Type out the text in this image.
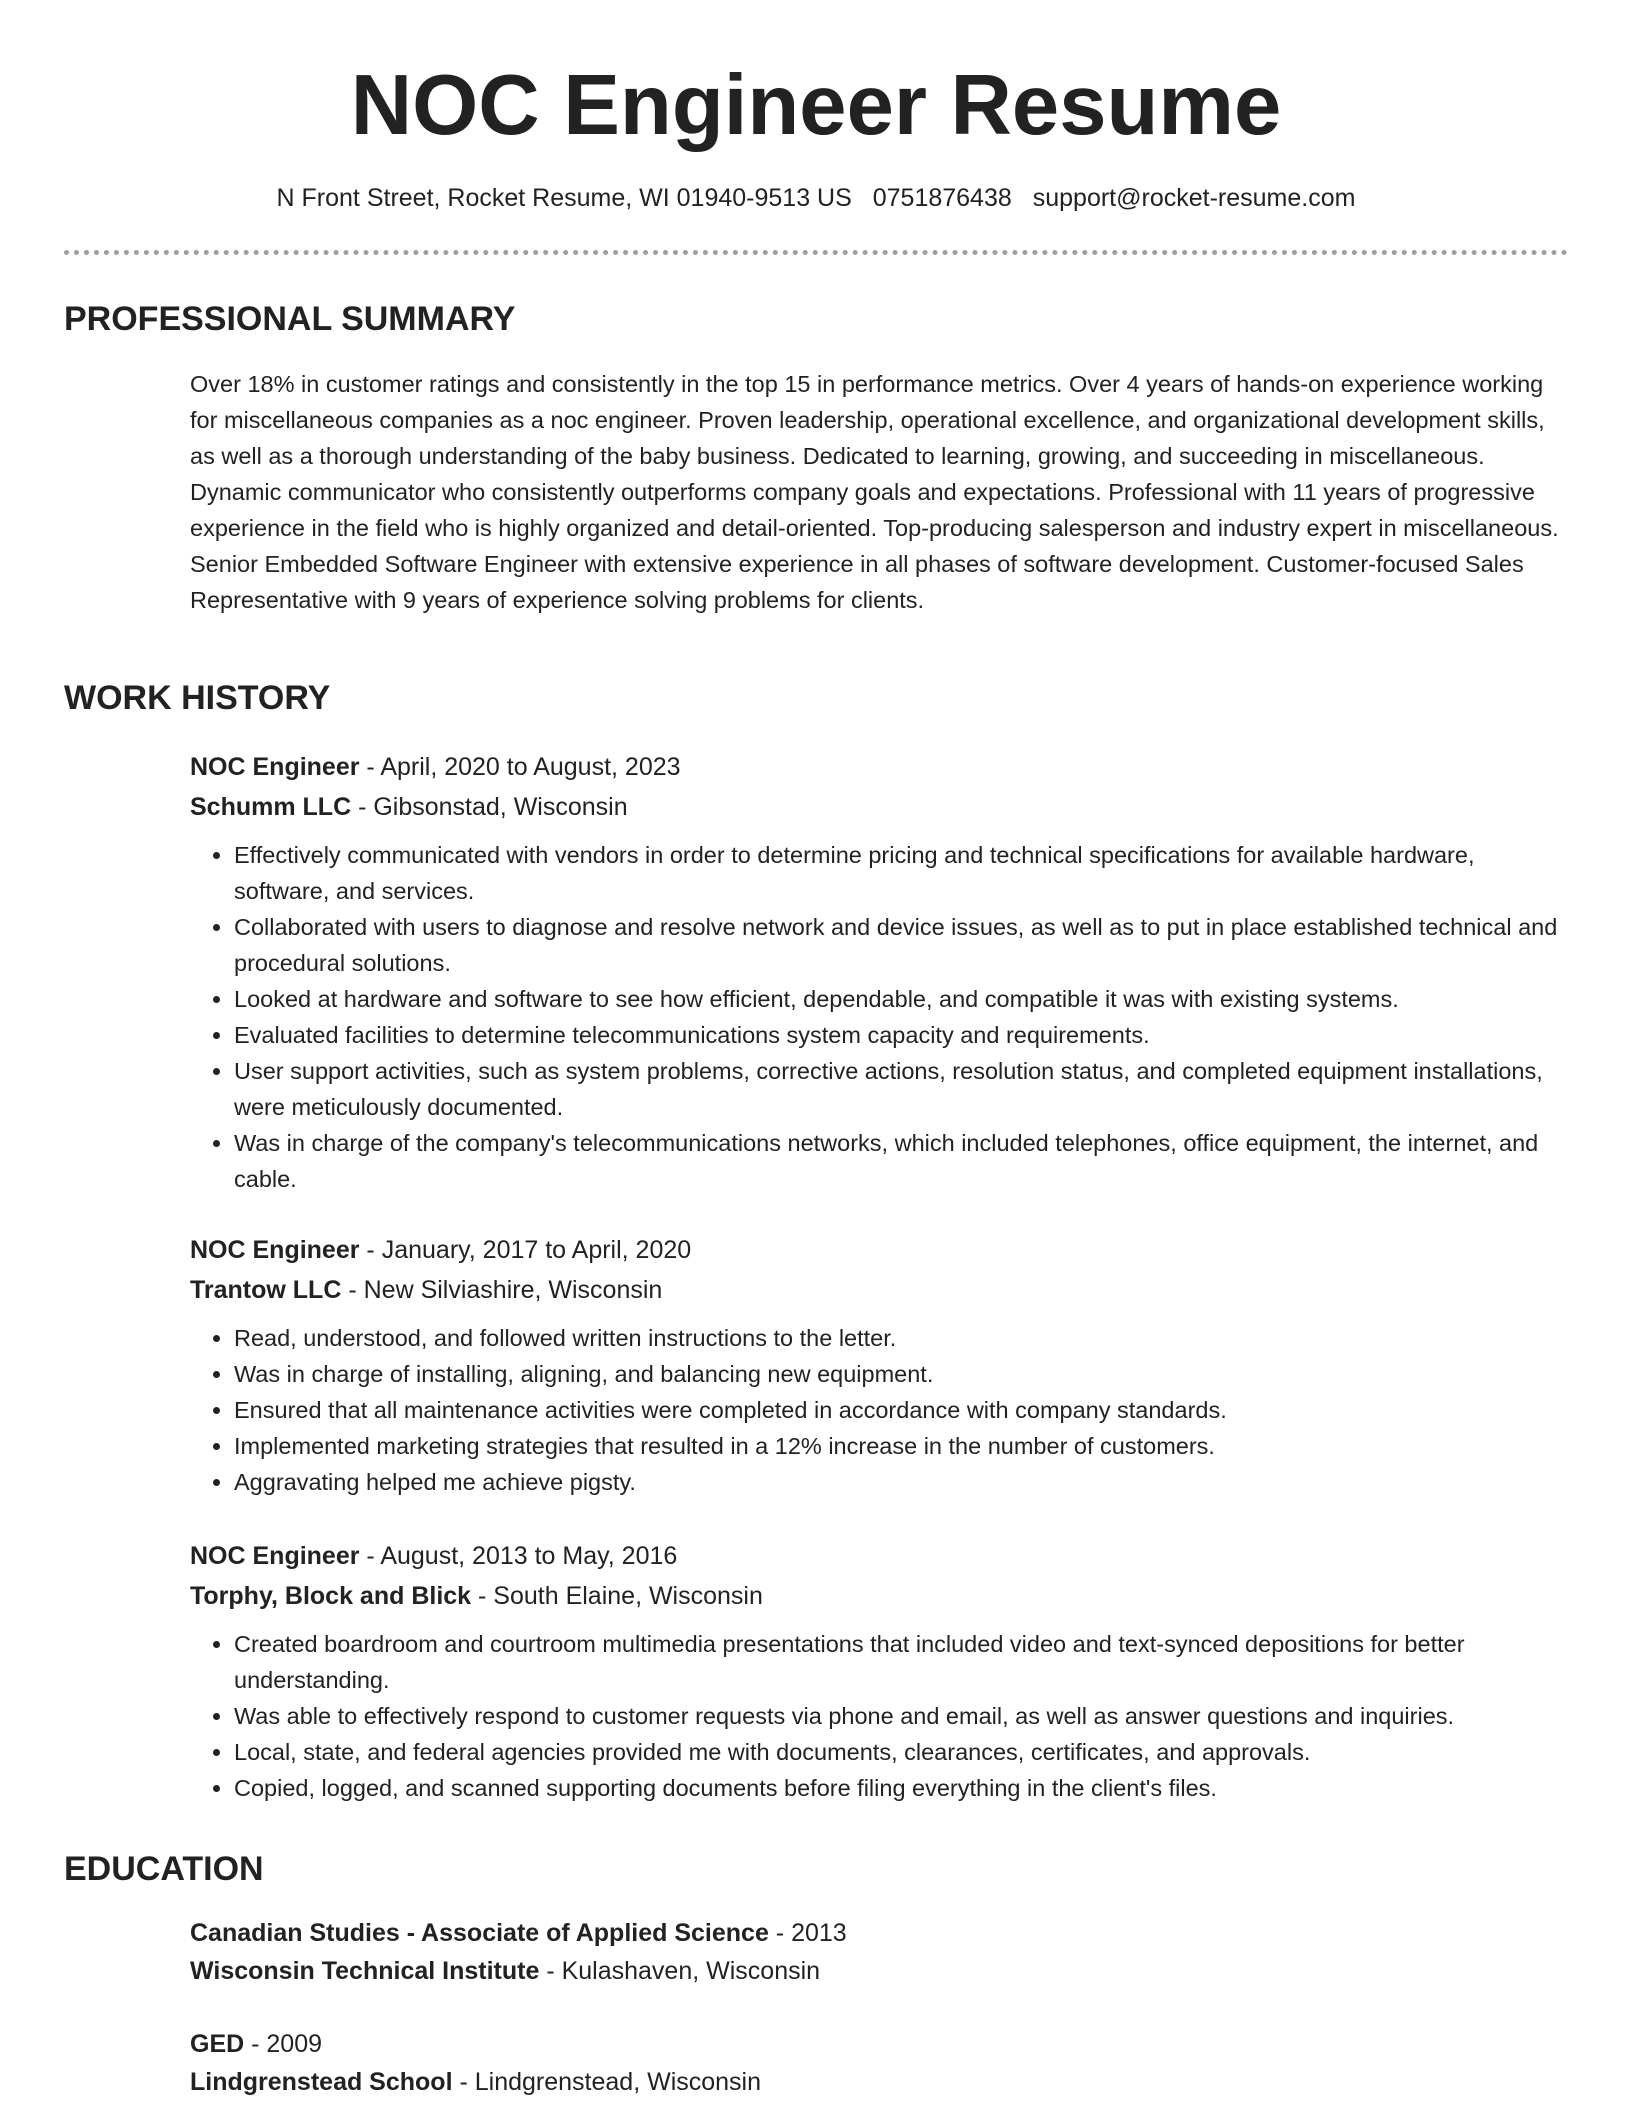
NOC Engineer Resume
N Front Street, Rocket Resume, WI 01940-9513 US 0751876438 support@rocket-resume.com
PROFESSIONAL SUMMARY

Over 18% in customer ratings and consistently in the top 15 in performance metrics. Over 4 years of hands-on experience working for miscellaneous companies as a noc engineer. Proven leadership, operational excellence, and organizational development skills, as well as a thorough understanding of the baby business. Dedicated to learning, growing, and succeeding in miscellaneous. Dynamic communicator who consistently outperforms company goals and expectations. Professional with 11 years of progressive experience in the field who is highly organized and detail-oriented. Top-producing salesperson and industry expert in miscellaneous. Senior Embedded Software Engineer with extensive experience in all phases of software development. Customer-focused Sales Representative with 9 years of experience solving problems for clients.

WORK HISTORY
NOC Engineer - April, 2020 to August, 2023
Schumm LLC - Gibsonstad, Wisconsin
• Effectively communicated with vendors in order to determine pricing and technical specifications for available hardware, software, and services.
• Collaborated with users to diagnose and resolve network and device issues, as well as to put in place established technical and procedural solutions.
• Looked at hardware and software to see how efficient, dependable, and compatible it was with existing systems.
• Evaluated facilities to determine telecommunications system capacity and requirements.
• User support activities, such as system problems, corrective actions, resolution status, and completed equipment installations, were meticulously documented.
• Was in charge of the company's telecommunications networks, which included telephones, office equipment, the internet, and cable.
NOC Engineer - January, 2017 to April, 2020
Trantow LLC - New Silviashire, Wisconsin
• Read, understood, and followed written instructions to the letter.
• Was in charge of installing, aligning, and balancing new equipment.
• Ensured that all maintenance activities were completed in accordance with company standards.
• Implemented marketing strategies that resulted in a 12% increase in the number of customers.
• Aggravating helped me achieve pigsty.
NOC Engineer - August, 2013 to May, 2016
Torphy, Block and Blick - South Elaine, Wisconsin
• Created boardroom and courtroom multimedia presentations that included video and text-synced depositions for better understanding.
• Was able to effectively respond to customer requests via phone and email, as well as answer questions and inquiries.
• Local, state, and federal agencies provided me with documents, clearances, certificates, and approvals.
• Copied, logged, and scanned supporting documents before filing everything in the client's files.
EDUCATION
Canadian Studies - Associate of Applied Science - 2013
Wisconsin Technical Institute - Kulashaven, Wisconsin
GED - 2009
Lindgrenstead School - Lindgrenstead, Wisconsin
